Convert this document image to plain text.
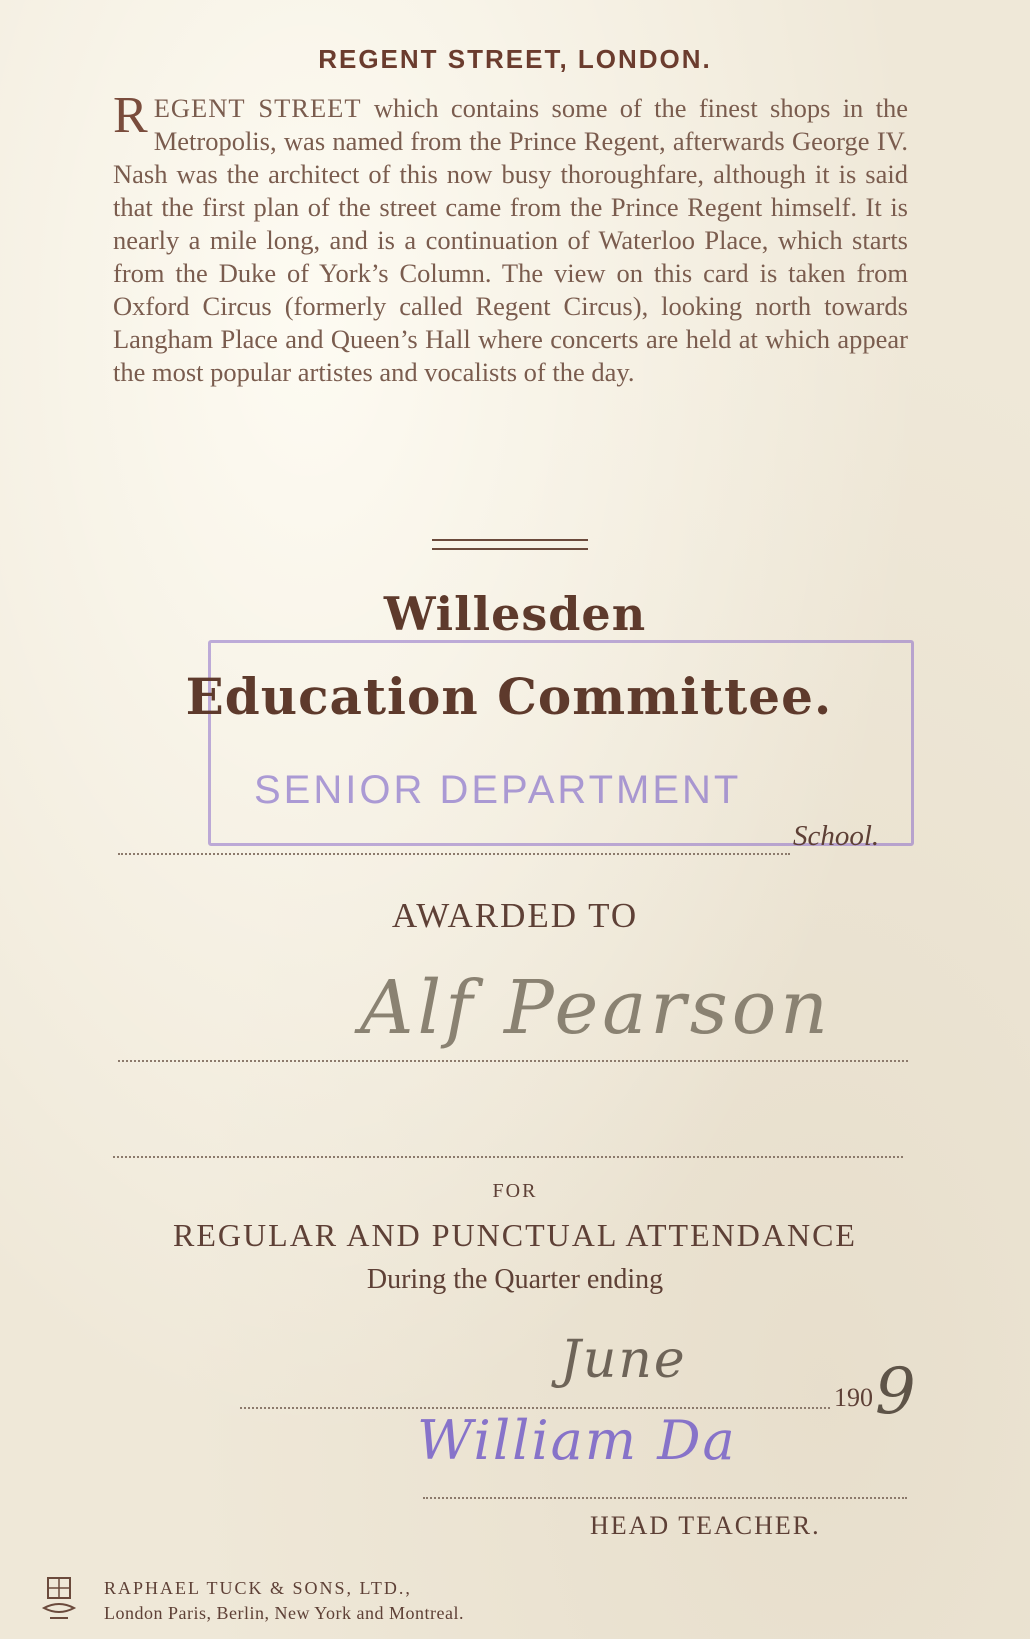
REGENT STREET, LONDON.
REGENT STREET which contains some of the finest shops in the Metropolis, was named from the Prince Regent, afterwards George IV. Nash was the architect of this now busy thoroughfare, although it is said that the first plan of the street came from the Prince Regent himself. It is nearly a mile long, and is a continuation of Waterloo Place, which starts from the Duke of York’s Column. The view on this card is taken from Oxford Circus (formerly called Regent Circus), looking north towards Langham Place and Queen’s Hall where concerts are held at which appear the most popular artistes and vocalists of the day.
Willesden
Education Committee.
SENIOR DEPARTMENT
School.
AWARDED TO
Alf Pearson
FOR
REGULAR AND PUNCTUAL ATTENDANCE
During the Quarter ending
June
190 9
William Da
HEAD TEACHER.
RAPHAEL TUCK & SONS, LTD.,
London Paris, Berlin, New York and Montreal.
